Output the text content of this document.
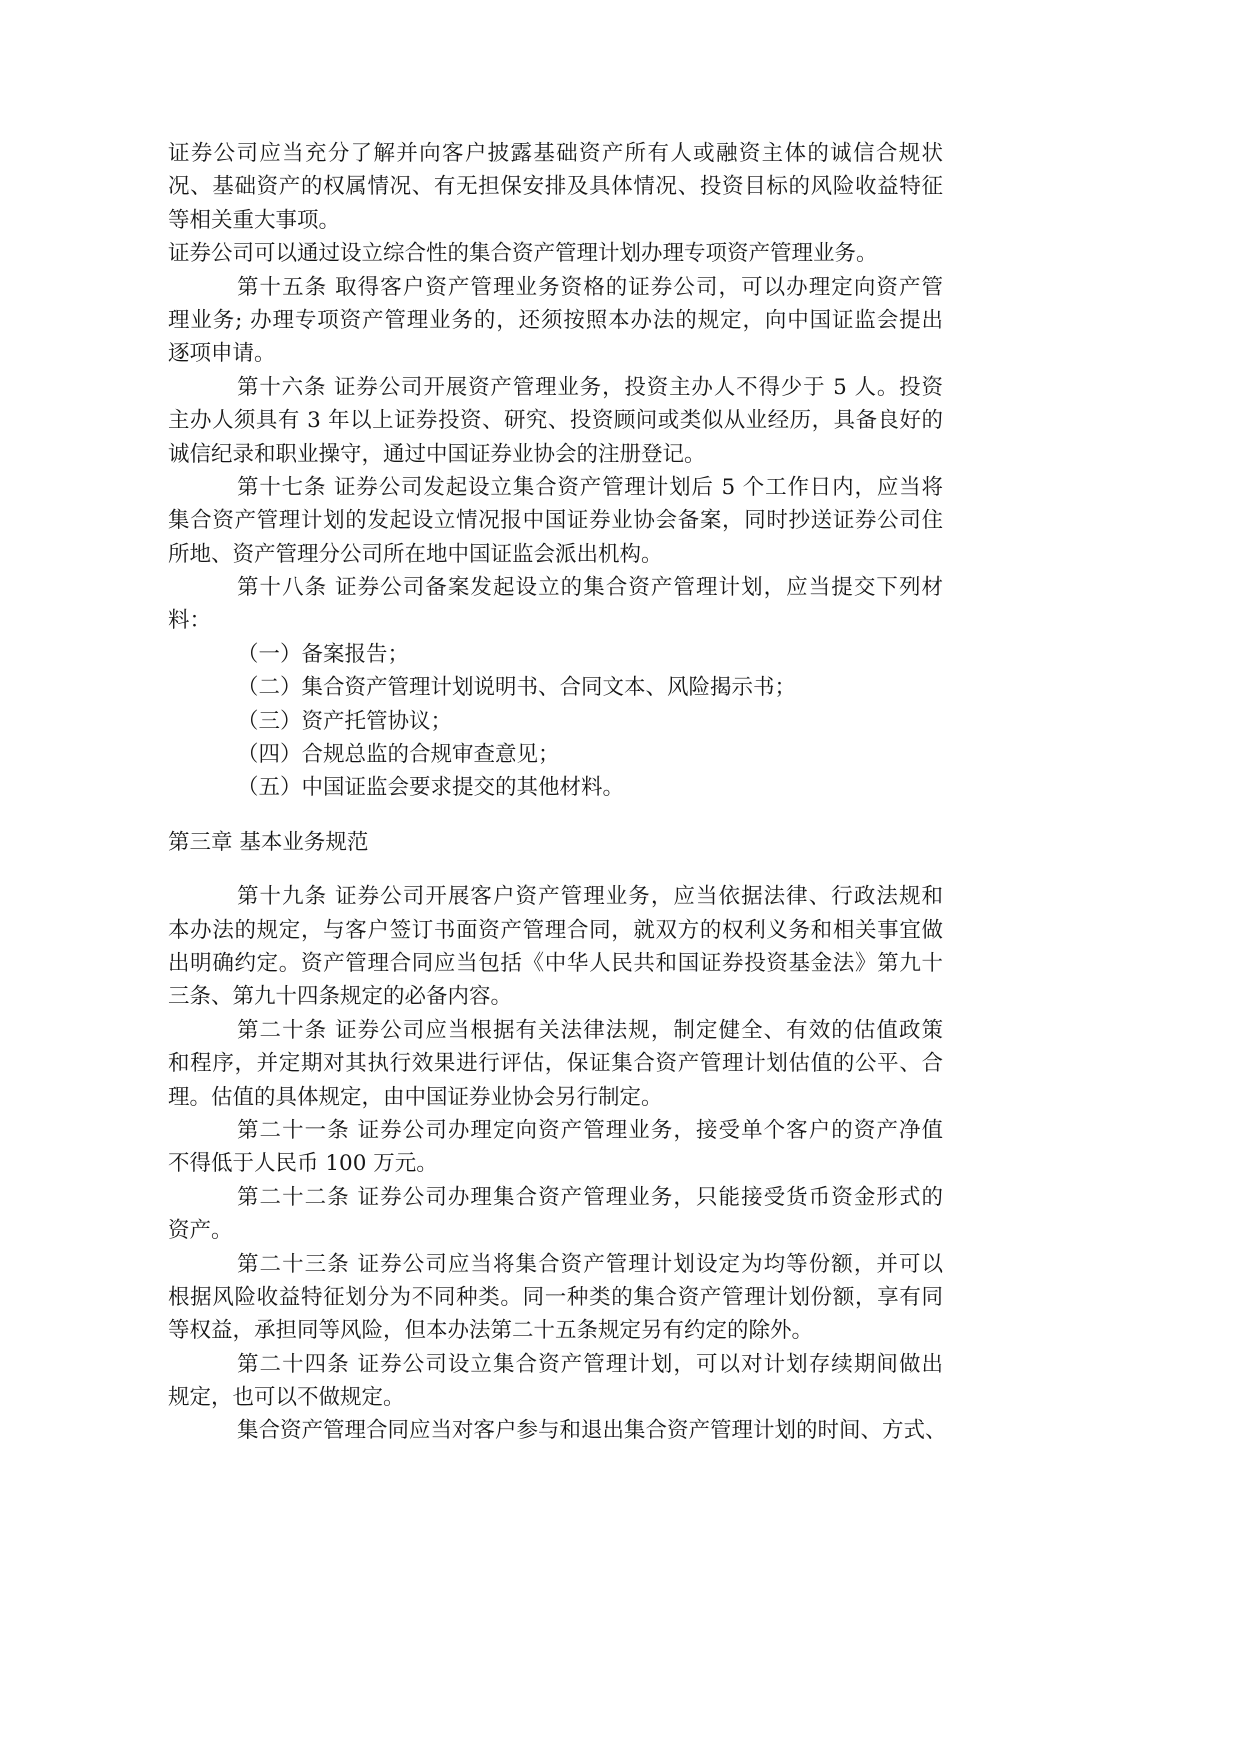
证券公司应当充分了解并向客户披露基础资产所有人或融资主体的诚信合规状
况、基础资产的权属情况、有无担保安排及具体情况、投资目标的风险收益特征
等相关重大事项。
证券公司可以通过设立综合性的集合资产管理计划办理专项资产管理业务。
第十五条 取得客户资产管理业务资格的证券公司，可以办理定向资产管
理业务; 办理专项资产管理业务的，还须按照本办法的规定，向中国证监会提出
逐项申请。
第十六条 证券公司开展资产管理业务，投资主办人不得少于 5 人。投资
主办人须具有 3 年以上证券投资、研究、投资顾问或类似从业经历，具备良好的
诚信纪录和职业操守，通过中国证券业协会的注册登记。
第十七条 证券公司发起设立集合资产管理计划后 5 个工作日内，应当将
集合资产管理计划的发起设立情况报中国证券业协会备案，同时抄送证券公司住
所地、资产管理分公司所在地中国证监会派出机构。
第十八条 证券公司备案发起设立的集合资产管理计划，应当提交下列材
料：
（一）备案报告；
（二）集合资产管理计划说明书、合同文本、风险揭示书；
（三）资产托管协议；
（四）合规总监的合规审查意见；
（五）中国证监会要求提交的其他材料。
第三章 基本业务规范
第十九条 证券公司开展客户资产管理业务，应当依据法律、行政法规和
本办法的规定，与客户签订书面资产管理合同，就双方的权利义务和相关事宜做
出明确约定。资产管理合同应当包括《中华人民共和国证券投资基金法》第九十
三条、第九十四条规定的必备内容。
第二十条 证券公司应当根据有关法律法规，制定健全、有效的估值政策
和程序，并定期对其执行效果进行评估，保证集合资产管理计划估值的公平、合
理。估值的具体规定，由中国证券业协会另行制定。
第二十一条 证券公司办理定向资产管理业务，接受单个客户的资产净值
不得低于人民币 100 万元。
第二十二条 证券公司办理集合资产管理业务，只能接受货币资金形式的
资产。
第二十三条 证券公司应当将集合资产管理计划设定为均等份额，并可以
根据风险收益特征划分为不同种类。同一种类的集合资产管理计划份额，享有同
等权益，承担同等风险，但本办法第二十五条规定另有约定的除外。
第二十四条 证券公司设立集合资产管理计划，可以对计划存续期间做出
规定，也可以不做规定。
集合资产管理合同应当对客户参与和退出集合资产管理计划的时间、方式、
